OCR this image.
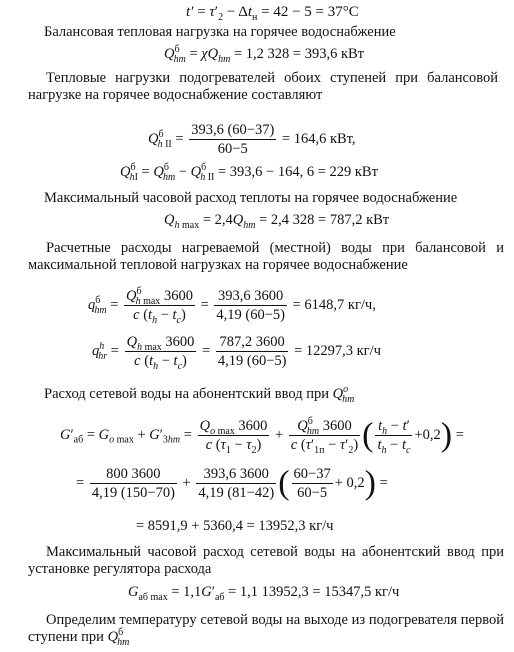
$t' = \tau'_2 - \Delta t_н = 42 - 5 = 37^\circ С$

Балансовая тепловая нагрузка на горячее водоснабжение

$Q^б_{hm} = \chi Q_{hm} = 1,2$ 328 = 393,6 кВт

Тепловые нагрузки подогревателей обоих ступеней при балансовой нагрузке на горячее водоснабжение составляют

$Q^б_{h II} = \frac{393,6 (60-37)}{60-5} = 164,6$ кВт,
$Q^б_{hI} = Q^б_{hm} - Q^б_{h II} = 393,6 - 164$, 6 = 229 кВт

Максимальный часовой расход теплоты на горячее водоснабжение

$Q_{h max} = 2,4Q_{hm} = 2,4$ 328 = 787,2 кВт

Расчетные расходы нагреваемой (местной) воды при балансовой и максимальной тепловой нагрузках на горячее водоснабжение

$q^б_{hm} = \frac{Q^б_{h max} 3600}{c (t_h - t_c)} = \frac{393,6 3600}{4,19 (60-5)} = 6148,7$ кг/ч,
$q^h_{hr} = \frac{Q_{h max} 3600}{c (t_h - t_c)} = \frac{787,2 3600}{4,19 (60-5)} = 12297,3$ кг/ч

Расход сетевой воды на абонентский ввод при $Q^o_{hm}$

$G'_{аб} = G_{o max} + G'_{3hm} = \frac{Q_{o max} 3600}{c (\tau_1 - \tau_2)} + \frac{Q^б_{hm} 3600}{c (\tau'_{1п} - \tau'_2)}$ ( $\frac{t_h - t'}{t_h - t_c} +0,2$) =
= $\frac{800 3600}{4,19 (150-70)} + \frac{393,6 3600}{4,19 (81-42)}$ ( $\frac{60-37}{60-5} + 0,2$) =
= 8591,9 + 5360,4 = 13952,3 кг/ч

Максимальный часовой расход сетевой воды на абонентский ввод при установке регулятора расхода

$G_{аб max} = 1,1G'_{аб} = 1,1$ 13952,3 = 15347,5 кг/ч

Определим температуру сетевой воды на выходе из подогревателя первой ступени при $Q^б_{hm}$
